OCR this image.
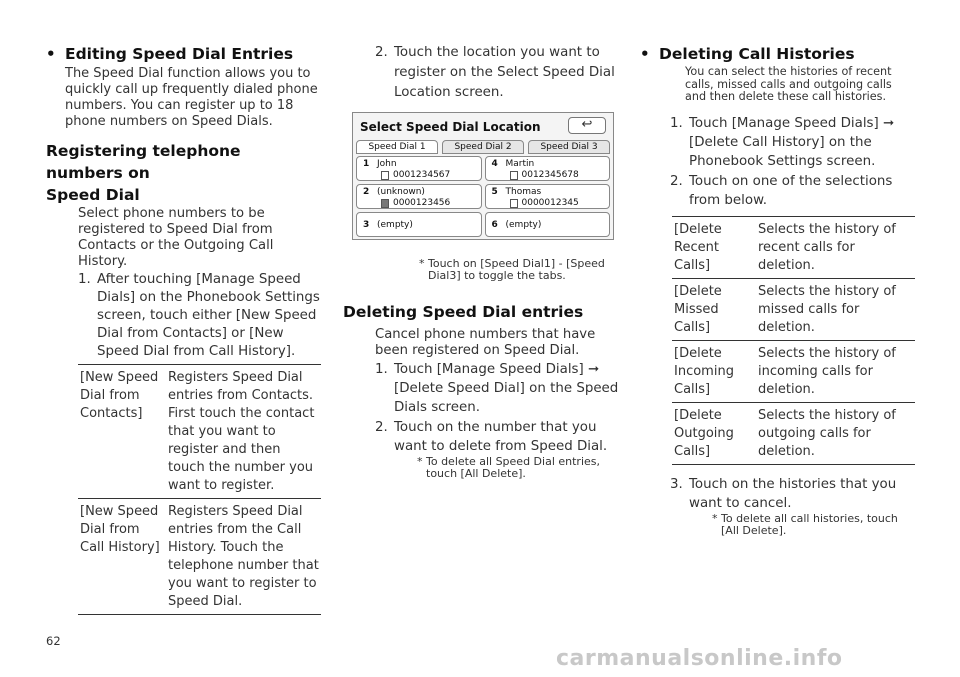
• Editing Speed Dial Entries
The Speed Dial function allows you to quickly call up frequently dialed phone numbers. You can register up to 18 phone numbers on Speed Dials.
Registering telephone numbers on
Speed Dial
Select phone numbers to be registered to Speed Dial from Contacts or the Outgoing Call History.
1. After touching [Manage Speed Dials] on the Phonebook Settings screen, touch either [New Speed Dial from Contacts] or [New Speed Dial from Call History].
[New Speed Dial from Contacts]	Registers Speed Dial entries from Contacts. First touch the contact that you want to register and then touch the number you want to register.
[New Speed Dial from Call History]	Registers Speed Dial entries from the Call History. Touch the telephone number that you want to register to Speed Dial.
2. Touch the location you want to register on the Select Speed Dial Location screen.
Select Speed Dial Location	↩
Speed Dial 1	Speed Dial 2	Speed Dial 3
1 John
0001234567
4 Martin
0012345678
2 (unknown)
0000123456
5 Thomas
0000012345
3 (empty)	6 (empty)
* Touch on [Speed Dial1] - [Speed Dial3] to toggle the tabs.
Deleting Speed Dial entries
Cancel phone numbers that have been registered on Speed Dial.
1. Touch [Manage Speed Dials] ➞ [Delete Speed Dial] on the Speed Dials screen.
2. Touch on the number that you want to delete from Speed Dial.
* To delete all Speed Dial entries, touch [All Delete].
• Deleting Call Histories
You can select the histories of recent calls, missed calls and outgoing calls and then delete these call histories.
1. Touch [Manage Speed Dials] ➞ [Delete Call History] on the Phonebook Settings screen.
2. Touch on one of the selections from below.
[Delete Recent Calls]	Selects the history of recent calls for deletion.
[Delete Missed Calls]	Selects the history of missed calls for deletion.
[Delete Incoming Calls]	Selects the history of incoming calls for deletion.
[Delete Outgoing Calls]	Selects the history of outgoing calls for deletion.
3. Touch on the histories that you want to cancel.
* To delete all call histories, touch [All Delete].
62
carmanualsonline.info
